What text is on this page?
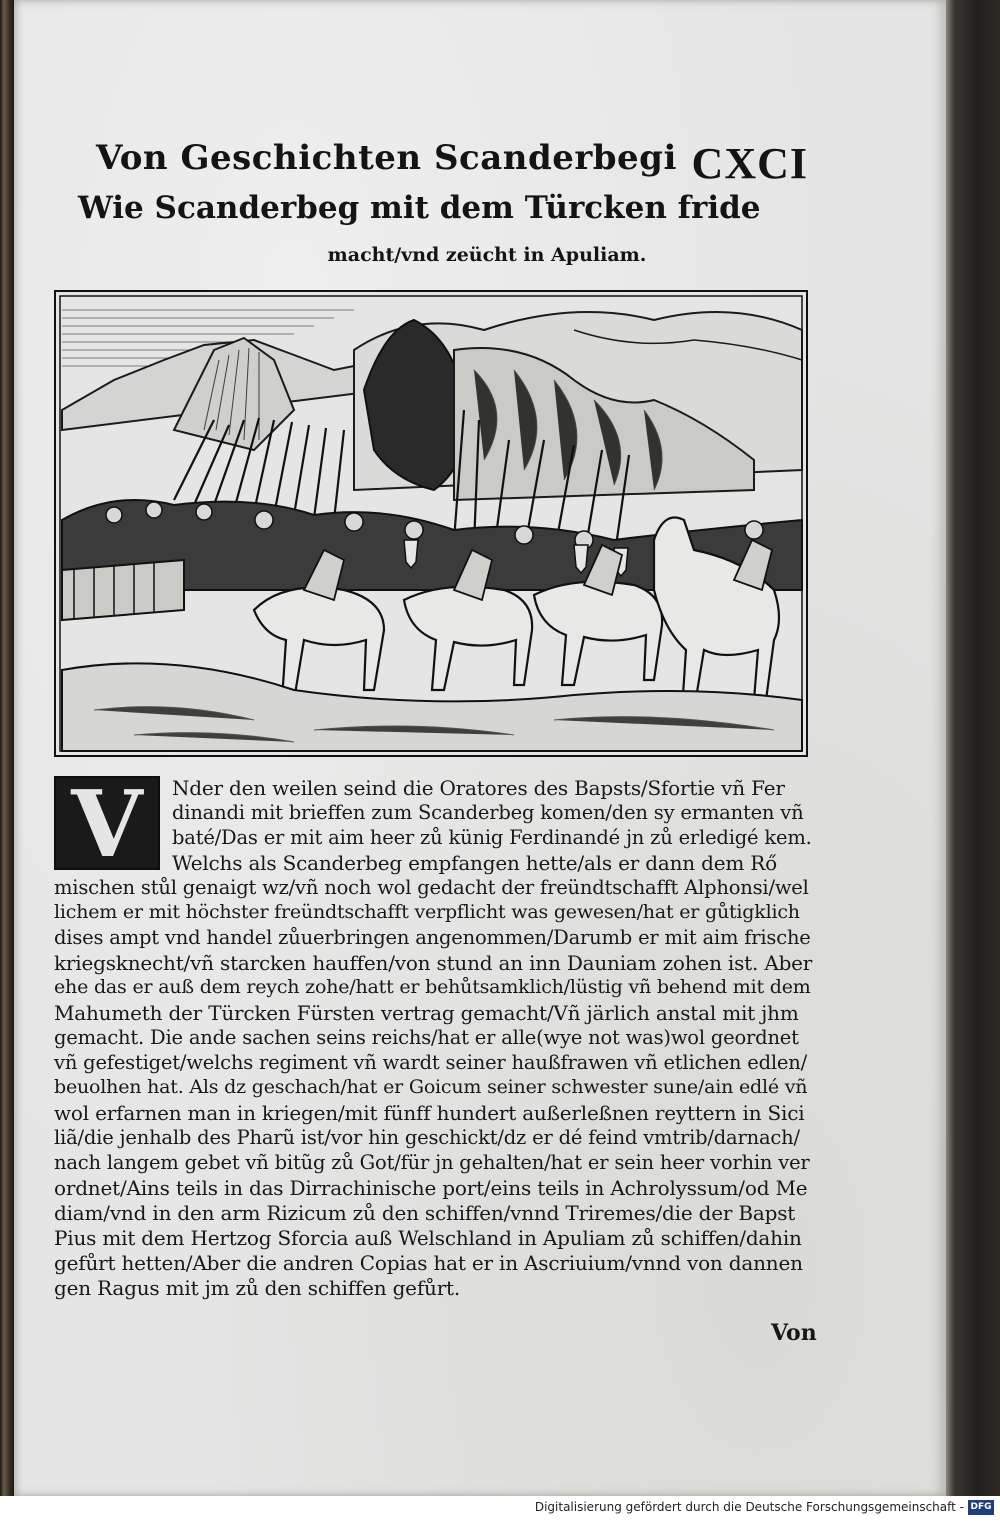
Von Geschichten Scanderbegi CXCI
Wie Scanderbeg mit dem Türcken fride
macht/vnd zeücht in Apuliam.
V	Nder den weilen seind die Oratores des Bapsts/Sfortie vñ Fer
dinandi mit brieffen zum Scanderbeg komen/den sy ermanten vñ
baté/Das er mit aim heer zů künig Ferdinandé jn zů erledigé kem.
Welchs als Scanderbeg empfangen hette/als er dann dem Rő
mischen stůl genaigt wz/vñ noch wol gedacht der freündtschafft Alphonsi/wel
lichem er mit höchster freündtschafft verpflicht was gewesen/hat er gůtigklich
dises ampt vnd handel zůuerbringen angenommen/Darumb er mit aim frische
kriegsknecht/vñ starcken hauffen/von stund an inn Dauniam zohen ist. Aber
ehe das er auß dem reych zohe/hatt er behůtsamklich/lüstig vñ behend mit dem
Mahumeth der Türcken Fürsten vertrag gemacht/Vñ järlich anstal mit jhm
gemacht. Die ande sachen seins reichs/hat er alle(wye not was)wol geordnet
vñ gefestiget/welchs regiment vñ wardt seiner haußfrawen vñ etlichen edlen/
beuolhen hat. Als dz geschach/hat er Goicum seiner schwester sune/ain edlé vñ
wol erfarnen man in kriegen/mit fünff hundert außerleßnen reyttern in Sici
liã/die jenhalb des Pharũ ist/vor hin geschickt/dz er dé feind vmtrib/darnach/
nach langem gebet vñ bitũg zů Got/für jn gehalten/hat er sein heer vorhin ver
ordnet/Ains teils in das Dirrachinische port/eins teils in Achrolyssum/od Me
diam/vnd in den arm Rizicum zů den schiffen/vnnd Triremes/die der Bapst
Pius mit dem Hertzog Sforcia auß Welschland in Apuliam zů schiffen/dahin
gefůrt hetten/Aber die andren Copias hat er in Ascriuium/vnnd von dannen
gen Ragus mit jm zů den schiffen gefůrt.
Von
Digitalisierung gefördert durch die Deutsche Forschungsgemeinschaft - DFG
